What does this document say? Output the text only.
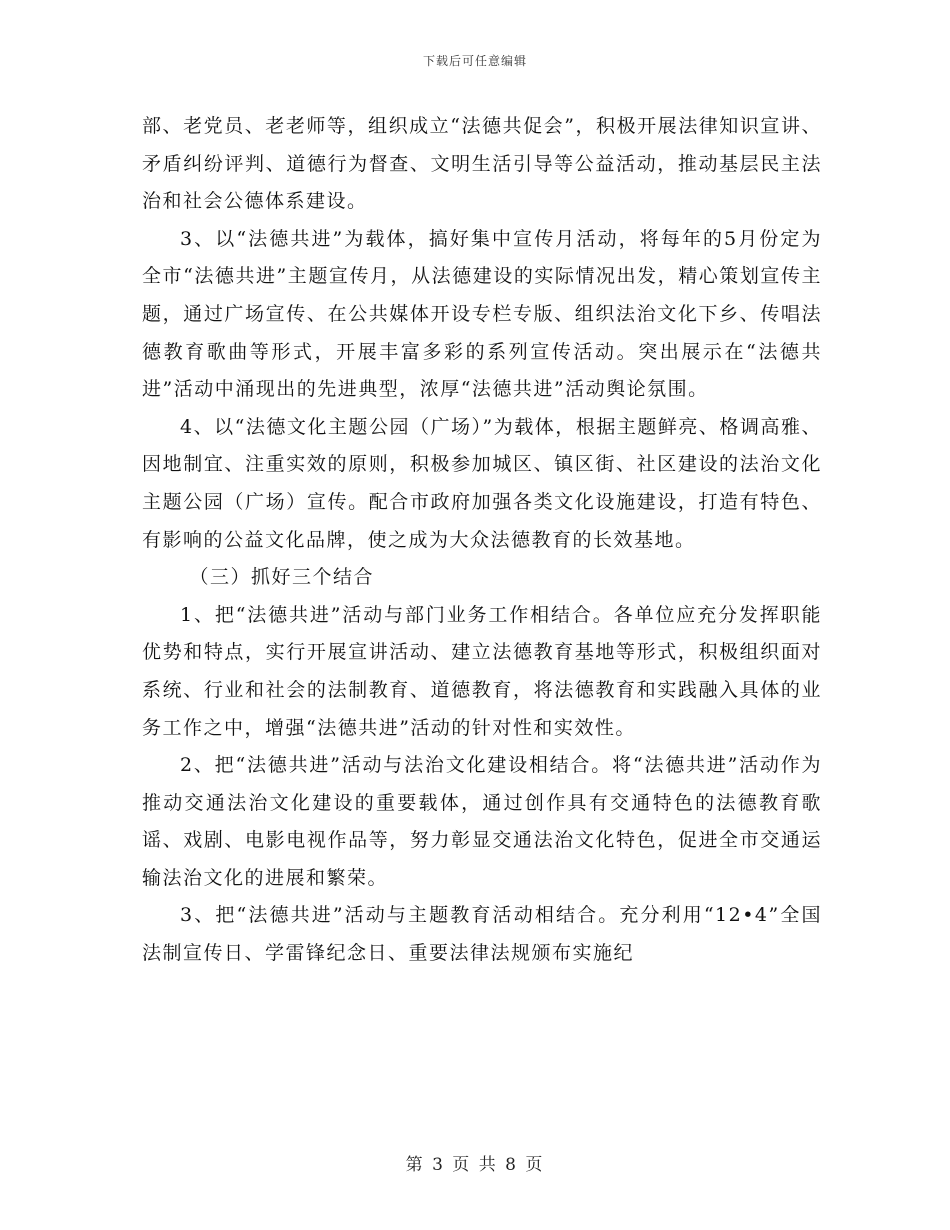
下载后可任意编辑

部、老党员、老老师等，组织成立“法德共促会”，积极开展法律知识宣讲、矛盾纠纷评判、道德行为督查、文明生活引导等公益活动，推动基层民主法治和社会公德体系建设。

3、以“法德共进”为载体，搞好集中宣传月活动，将每年的5月份定为全市“法德共进”主题宣传月，从法德建设的实际情况出发，精心策划宣传主题，通过广场宣传、在公共媒体开设专栏专版、组织法治文化下乡、传唱法德教育歌曲等形式，开展丰富多彩的系列宣传活动。突出展示在“法德共进”活动中涌现出的先进典型，浓厚“法德共进”活动舆论氛围。

4、以“法德文化主题公园（广场）”为载体，根据主题鲜亮、格调高雅、因地制宜、注重实效的原则，积极参加城区、镇区街、社区建设的法治文化主题公园（广场）宣传。配合市政府加强各类文化设施建设，打造有特色、有影响的公益文化品牌，使之成为大众法德教育的长效基地。

（三）抓好三个结合

1、把“法德共进”活动与部门业务工作相结合。各单位应充分发挥职能优势和特点，实行开展宣讲活动、建立法德教育基地等形式，积极组织面对系统、行业和社会的法制教育、道德教育，将法德教育和实践融入具体的业务工作之中，增强“法德共进”活动的针对性和实效性。

2、把“法德共进”活动与法治文化建设相结合。将“法德共进”活动作为推动交通法治文化建设的重要载体，通过创作具有交通特色的法德教育歌谣、戏剧、电影电视作品等，努力彰显交通法治文化特色，促进全市交通运输法治文化的进展和繁荣。

3、把“法德共进”活动与主题教育活动相结合。充分利用“12•4”全国法制宣传日、学雷锋纪念日、重要法律法规颁布实施纪

第 3 页 共 8 页
